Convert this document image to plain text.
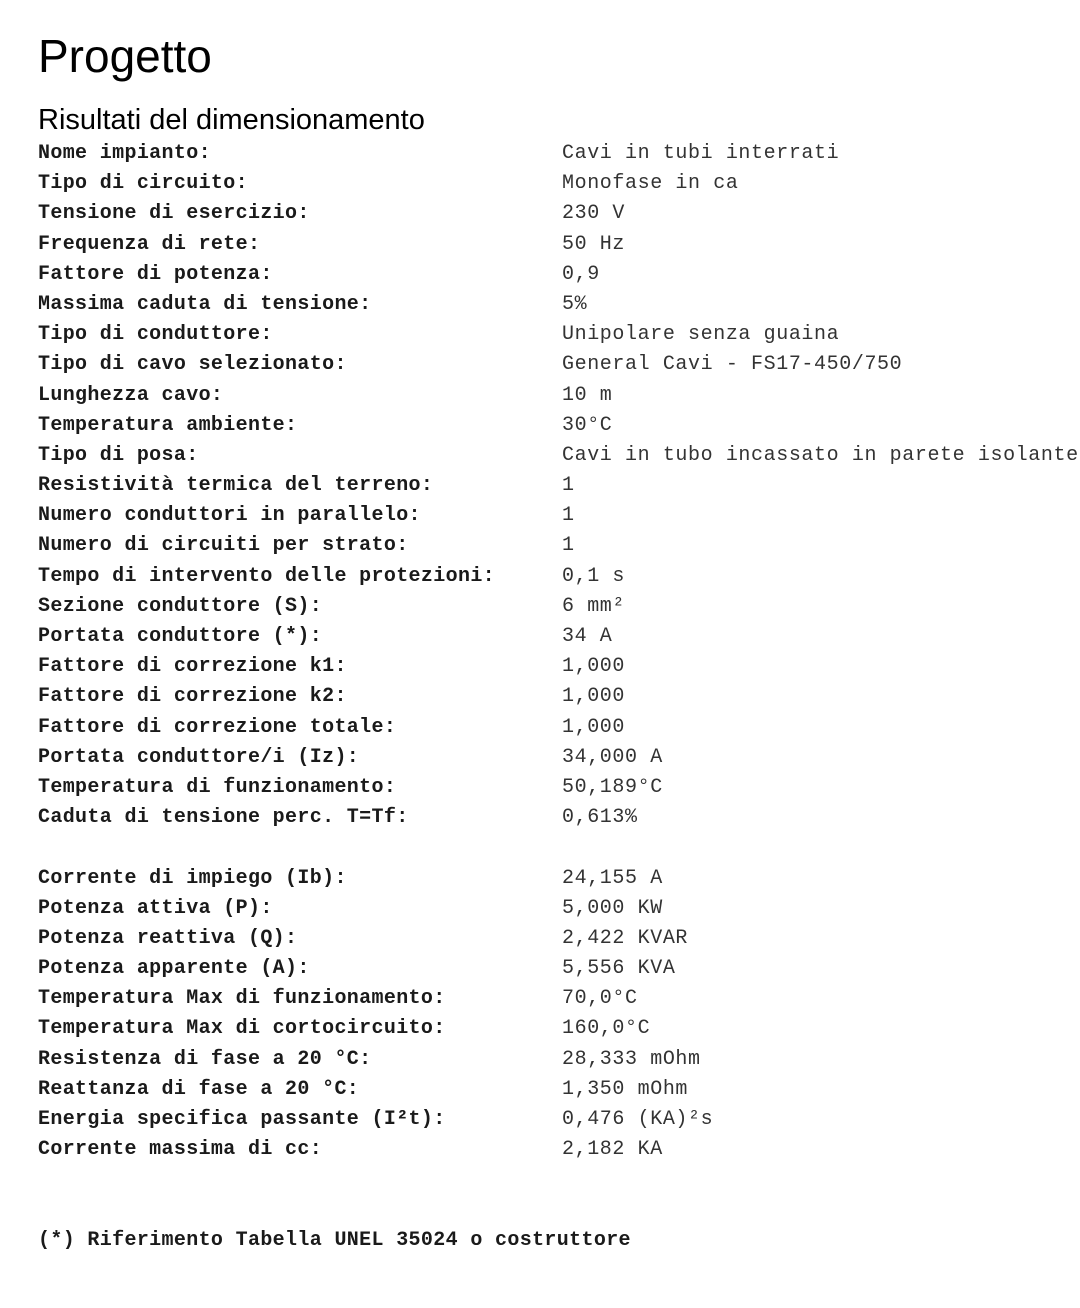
Progetto
Risultati del dimensionamento
Nome impianto:	Cavi in tubi interrati
Tipo di circuito:	Monofase in ca
Tensione di esercizio:	230 V
Frequenza di rete:	50 Hz
Fattore di potenza:	0,9
Massima caduta di tensione:	5%
Tipo di conduttore:	Unipolare senza guaina
Tipo di cavo selezionato:	General Cavi - FS17-450/750
Lunghezza cavo:	10 m
Temperatura ambiente:	30°C
Tipo di posa:	Cavi in tubo incassato in parete isolante
Resistività termica del terreno:	1
Numero conduttori in parallelo:	1
Numero di circuiti per strato:	1
Tempo di intervento delle protezioni:	0,1 s
Sezione conduttore (S):	6 mm²
Portata conduttore (*):	34 A
Fattore di correzione k1:	1,000
Fattore di correzione k2:	1,000
Fattore di correzione totale:	1,000
Portata conduttore/i (Iz):	34,000 A
Temperatura di funzionamento:	50,189°C
Caduta di tensione perc. T=Tf:	0,613%
Corrente di impiego (Ib):	24,155 A
Potenza attiva (P):	5,000 KW
Potenza reattiva (Q):	2,422 KVAR
Potenza apparente (A):	5,556 KVA
Temperatura Max di funzionamento:	70,0°C
Temperatura Max di cortocircuito:	160,0°C
Resistenza di fase a 20 °C:	28,333 mOhm
Reattanza di fase a 20 °C:	1,350 mOhm
Energia specifica passante (I²t):	0,476 (KA)²s
Corrente massima di cc:	2,182 KA
(*) Riferimento Tabella UNEL 35024 o costruttore
